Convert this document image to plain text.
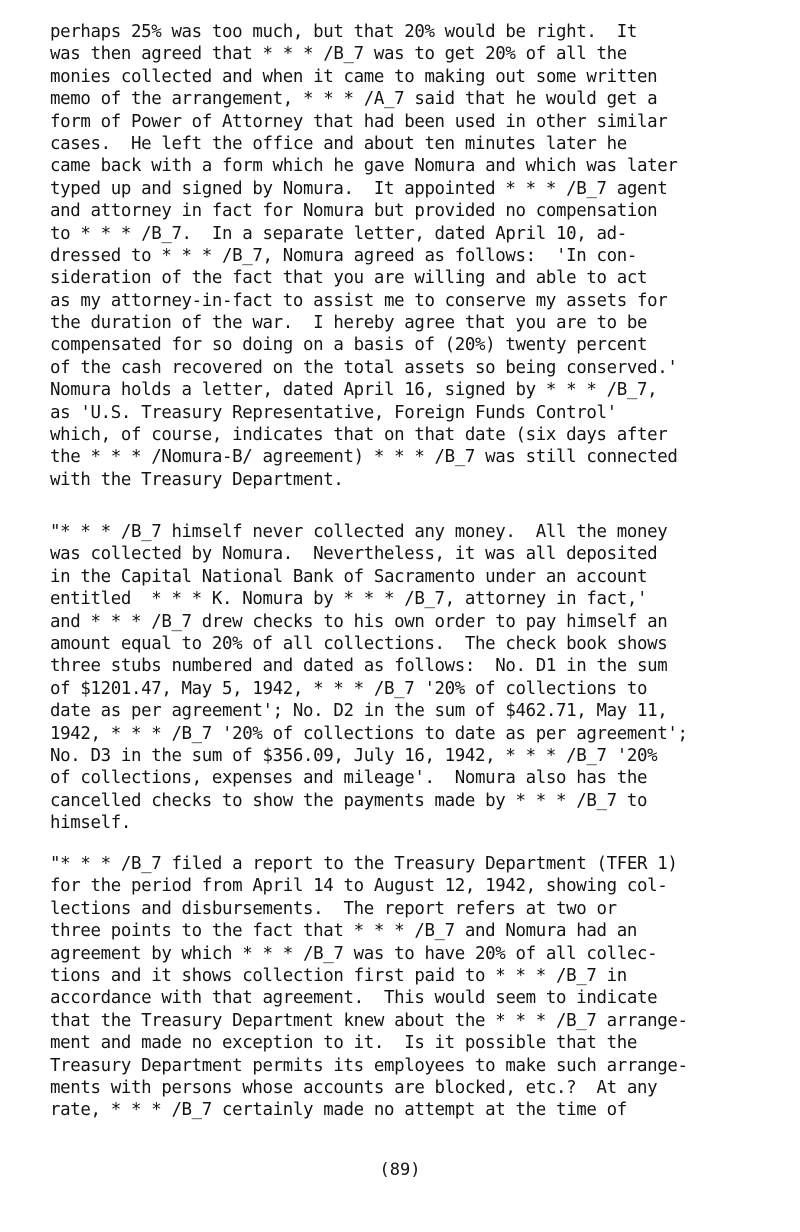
perhaps 25% was too much, but that 20% would be right.  It
was then agreed that * * * /B_7 was to get 20% of all the
monies collected and when it came to making out some written
memo of the arrangement, * * * /A_7 said that he would get a
form of Power of Attorney that had been used in other similar
cases.  He left the office and about ten minutes later he
came back with a form which he gave Nomura and which was later
typed up and signed by Nomura.  It appointed * * * /B_7 agent
and attorney in fact for Nomura but provided no compensation
to * * * /B_7.  In a separate letter, dated April 10, ad-
dressed to * * * /B_7, Nomura agreed as follows:  'In con-
sideration of the fact that you are willing and able to act
as my attorney-in-fact to assist me to conserve my assets for
the duration of the war.  I hereby agree that you are to be
compensated for so doing on a basis of (20%) twenty percent
of the cash recovered on the total assets so being conserved.'
Nomura holds a letter, dated April 16, signed by * * * /B_7,
as 'U.S. Treasury Representative, Foreign Funds Control'
which, of course, indicates that on that date (six days after
the * * * /Nomura-B/ agreement) * * * /B_7 was still connected
with the Treasury Department.
"* * * /B_7 himself never collected any money.  All the money
was collected by Nomura.  Nevertheless, it was all deposited
in the Capital National Bank of Sacramento under an account
entitled  * * * K. Nomura by * * * /B_7, attorney in fact,'
and * * * /B_7 drew checks to his own order to pay himself an
amount equal to 20% of all collections.  The check book shows
three stubs numbered and dated as follows:  No. D1 in the sum
of $1201.47, May 5, 1942, * * * /B_7 '20% of collections to
date as per agreement'; No. D2 in the sum of $462.71, May 11,
1942, * * * /B_7 '20% of collections to date as per agreement';
No. D3 in the sum of $356.09, July 16, 1942, * * * /B_7 '20%
of collections, expenses and mileage'.  Nomura also has the
cancelled checks to show the payments made by * * * /B_7 to
himself.
"* * * /B_7 filed a report to the Treasury Department (TFER 1)
for the period from April 14 to August 12, 1942, showing col-
lections and disbursements.  The report refers at two or
three points to the fact that * * * /B_7 and Nomura had an
agreement by which * * * /B_7 was to have 20% of all collec-
tions and it shows collection first paid to * * * /B_7 in
accordance with that agreement.  This would seem to indicate
that the Treasury Department knew about the * * * /B_7 arrange-
ment and made no exception to it.  Is it possible that the
Treasury Department permits its employees to make such arrange-
ments with persons whose accounts are blocked, etc.?  At any
rate, * * * /B_7 certainly made no attempt at the time of
(89)
